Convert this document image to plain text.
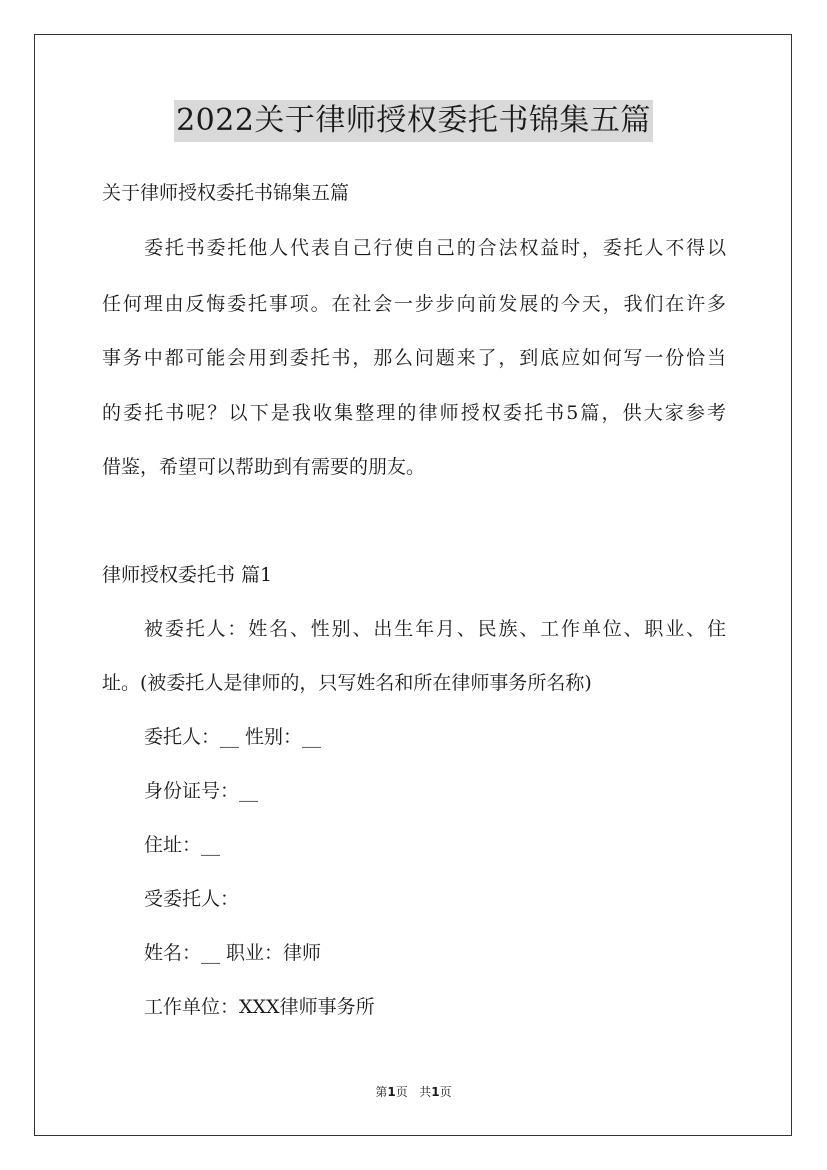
2022关于律师授权委托书锦集五篇
关于律师授权委托书锦集五篇
委托书委托他人代表自己行使自己的合法权益时，委托人不得以
任何理由反悔委托事项。在社会一步步向前发展的今天，我们在许多
事务中都可能会用到委托书，那么问题来了，到底应如何写一份恰当
的委托书呢？以下是我收集整理的律师授权委托书5篇，供大家参考
借鉴，希望可以帮助到有需要的朋友。
律师授权委托书 篇1
被委托人：姓名、性别、出生年月、民族、工作单位、职业、住
址。(被委托人是律师的，只写姓名和所在律师事务所名称)
委托人：__ 性别：__
身份证号：__
住址：__
受委托人：
姓名：__ 职业：律师
工作单位：XXX律师事务所
第1页 共1页
